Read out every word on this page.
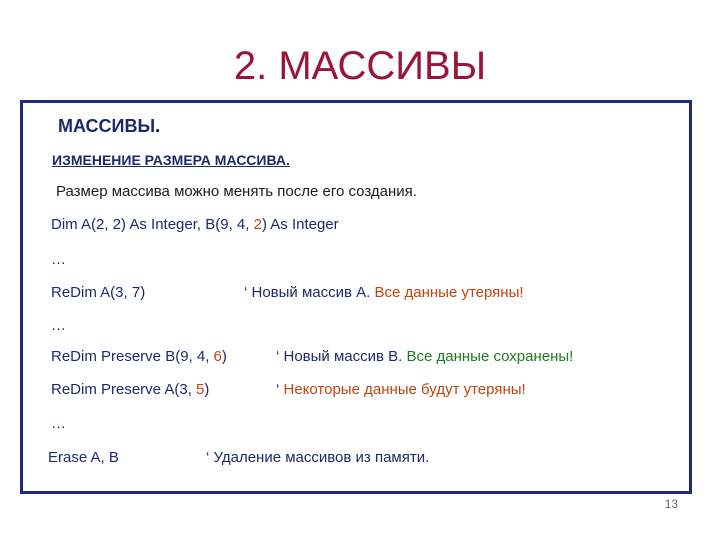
2. МАССИВЫ
МАССИВЫ.
ИЗМЕНЕНИЕ РАЗМЕРА МАССИВА.
Размер массива можно менять после его создания.
Dim A(2, 2) As Integer, B(9, 4, 2) As Integer
…
ReDim A(3, 7)	‘ Новый массив А. Все данные утеряны!
…
ReDim Preserve B(9, 4, 6)	‘ Новый массив В. Все данные сохранены!
ReDim Preserve A(3, 5)	‘ Некоторые данные будут утеряны!
…
Erase A, B	‘ Удаление массивов из памяти.
13
